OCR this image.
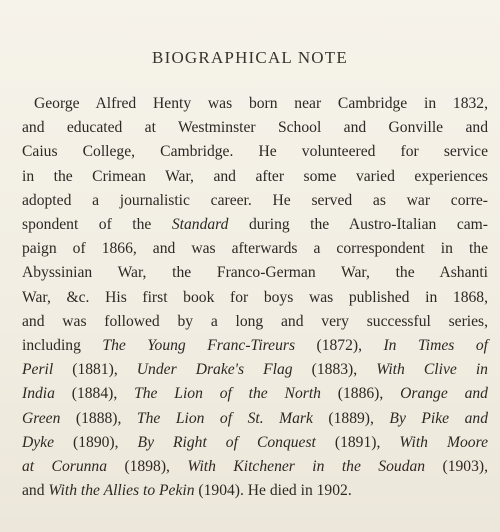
BIOGRAPHICAL NOTE
George Alfred Henty was born near Cambridge in 1832,
and educated at Westminster School and Gonville and
Caius College, Cambridge. He volunteered for service
in the Crimean War, and after some varied experiences
adopted a journalistic career. He served as war corre-
spondent of the Standard during the Austro-Italian cam-
paign of 1866, and was afterwards a correspondent in the
Abyssinian War, the Franco-German War, the Ashanti
War, &c. His first book for boys was published in 1868,
and was followed by a long and very successful series,
including The Young Franc-Tireurs (1872), In Times of
Peril (1881), Under Drake's Flag (1883), With Clive in
India (1884), The Lion of the North (1886), Orange and
Green (1888), The Lion of St. Mark (1889), By Pike and
Dyke (1890), By Right of Conquest (1891), With Moore
at Corunna (1898), With Kitchener in the Soudan (1903),
and With the Allies to Pekin (1904). He died in 1902.
